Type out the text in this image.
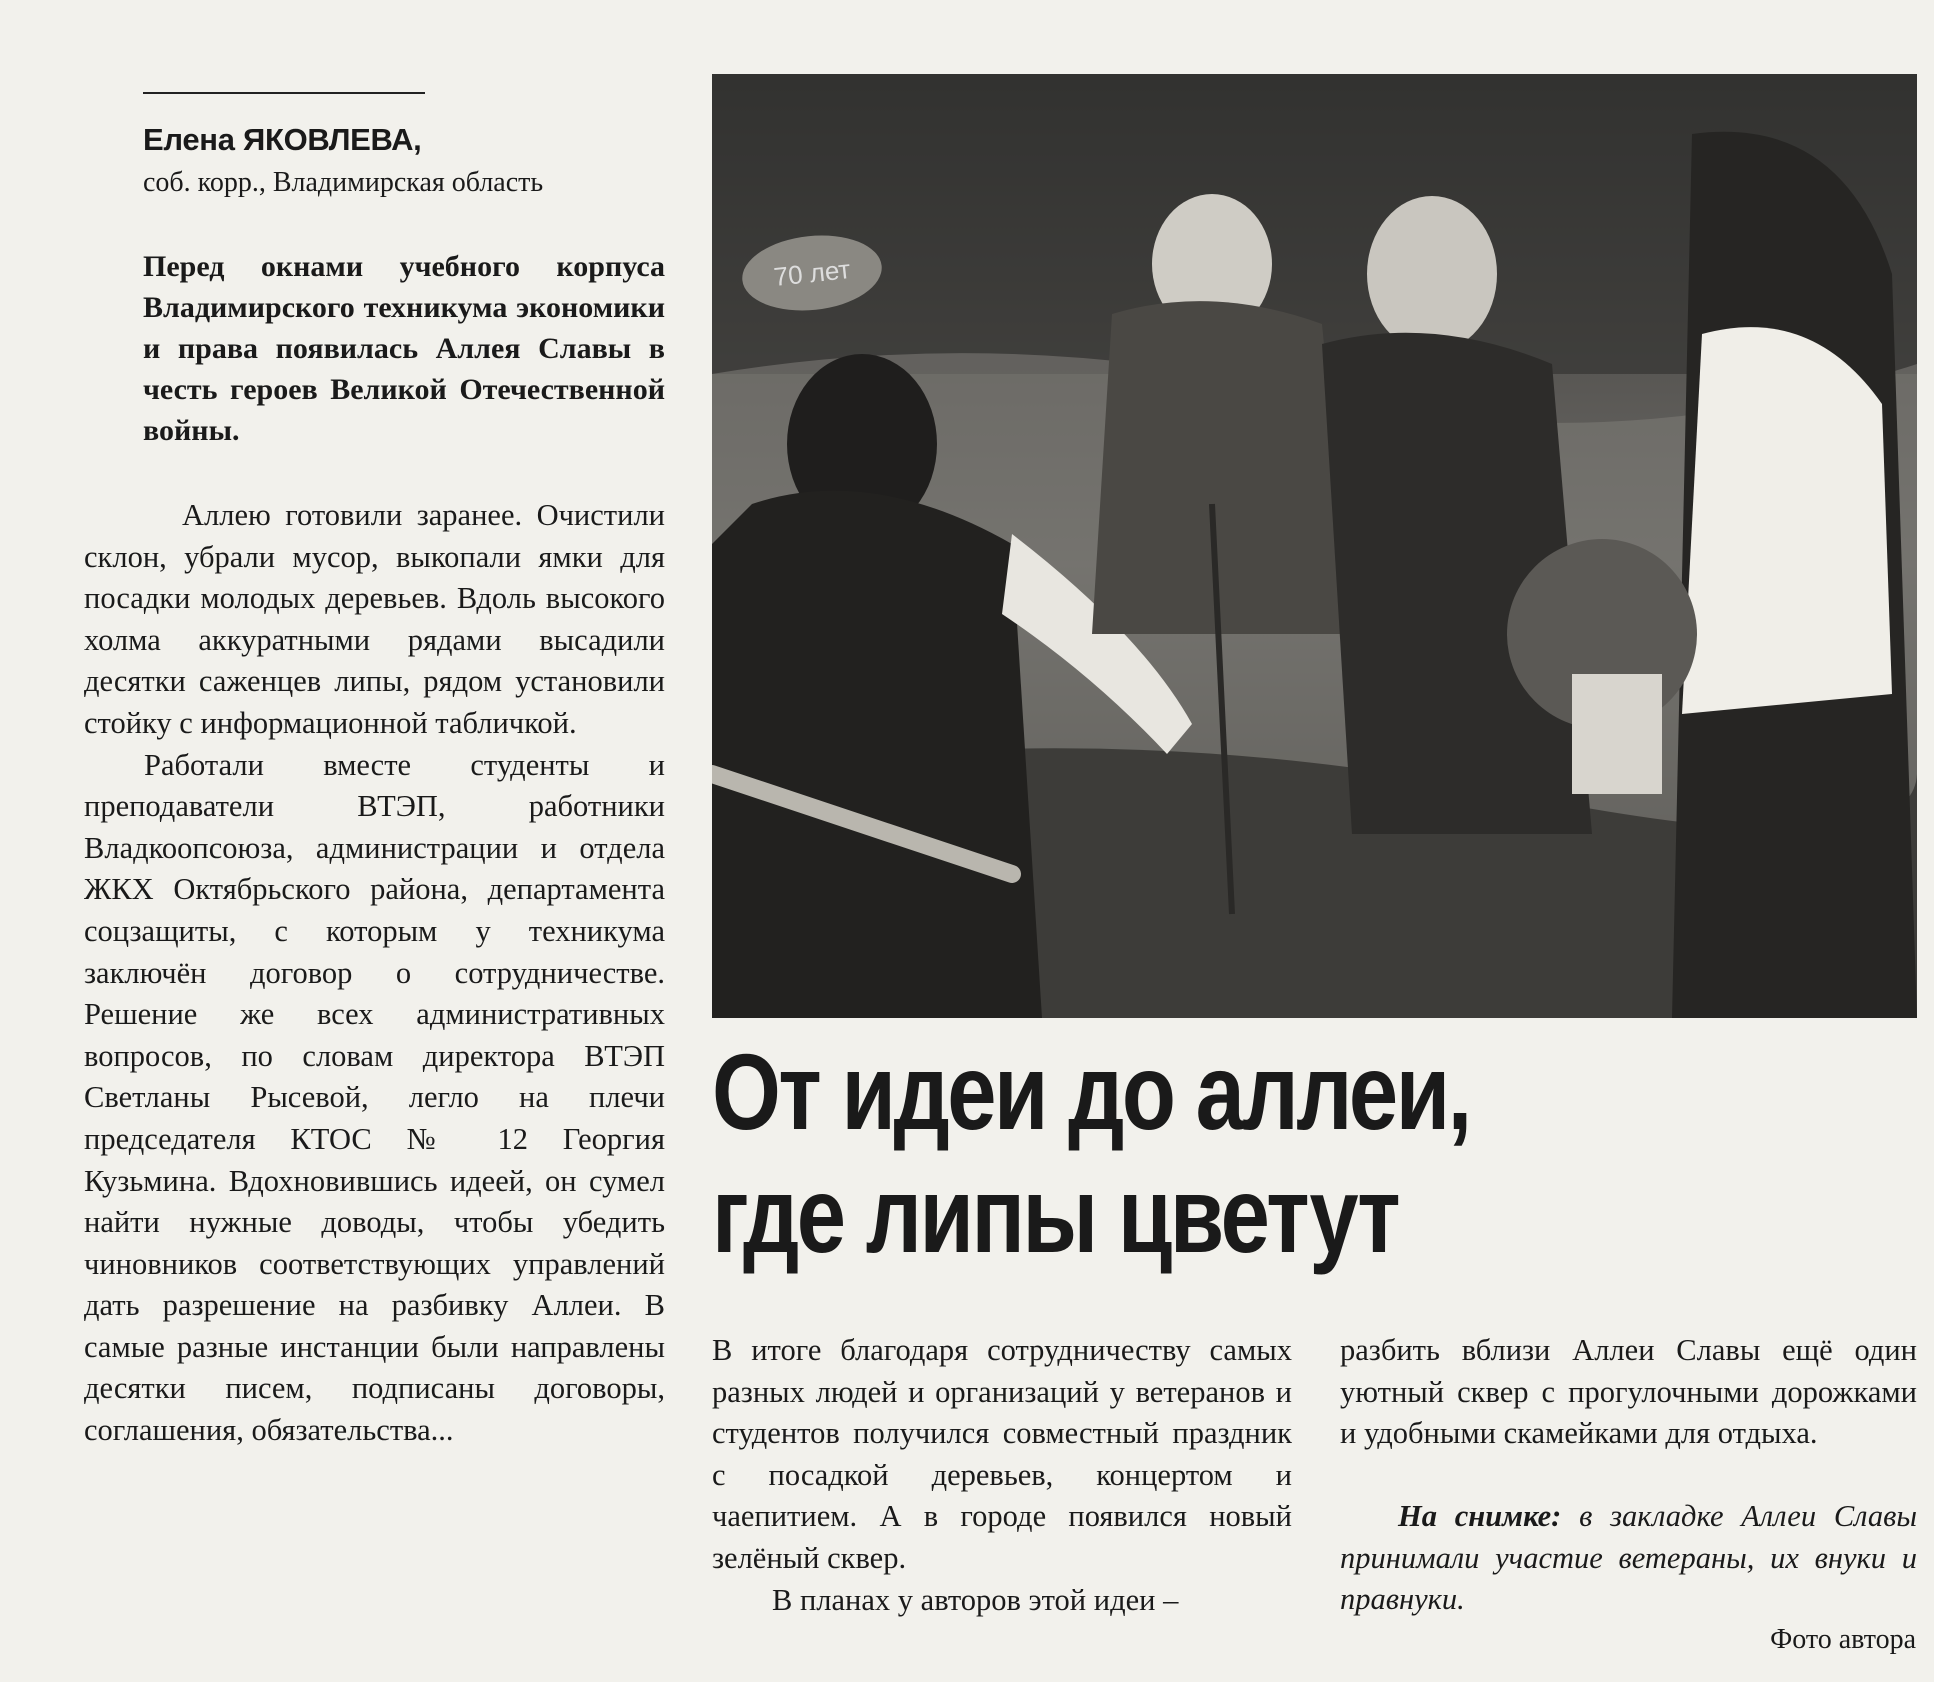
Елена ЯКОВЛЕВА,
соб. корр., Владимирская область
Перед окнами учебного корпуса Владимирского техникума экономики и права появилась Аллея Славы в честь героев Великой Отечественной войны.

Аллею готовили заранее. Очистили склон, убрали мусор, выкопали ямки для посадки молодых деревьев. Вдоль высокого холма аккуратными рядами высадили десятки саженцев липы, рядом установили стойку с информационной табличкой.

Работали вместе студенты и преподаватели ВТЭП, работники Владкоопсоюза, администрации и отдела ЖКХ Октябрьского района, департамента соцзащиты, с которым у техникума заключён договор о сотрудничестве. Решение же всех административных вопросов, по словам директора ВТЭП Светланы Рысевой, легло на плечи председателя КТОС № 12 Георгия Кузьмина. Вдохновившись идеей, он сумел найти нужные доводы, чтобы убедить чиновников соответствующих управлений дать разрешение на разбивку Аллеи. В самые разные инстанции были направлены десятки писем, подписаны договоры, соглашения, обязательства...

70 лет
От идеи до аллеи,
где липы цветут

В итоге благодаря сотрудничеству самых разных людей и организаций у ветеранов и студентов получился совместный праздник с посадкой деревьев, концертом и чаепитием. А в городе появился новый зелёный сквер.

В планах у авторов этой идеи –

разбить вблизи Аллеи Славы ещё один уютный сквер с прогулочными дорожками и удобными скамейками для отдыха.

На снимке: в закладке Аллеи Славы принимали участие ветераны, их внуки и правнуки.
Фото автора
